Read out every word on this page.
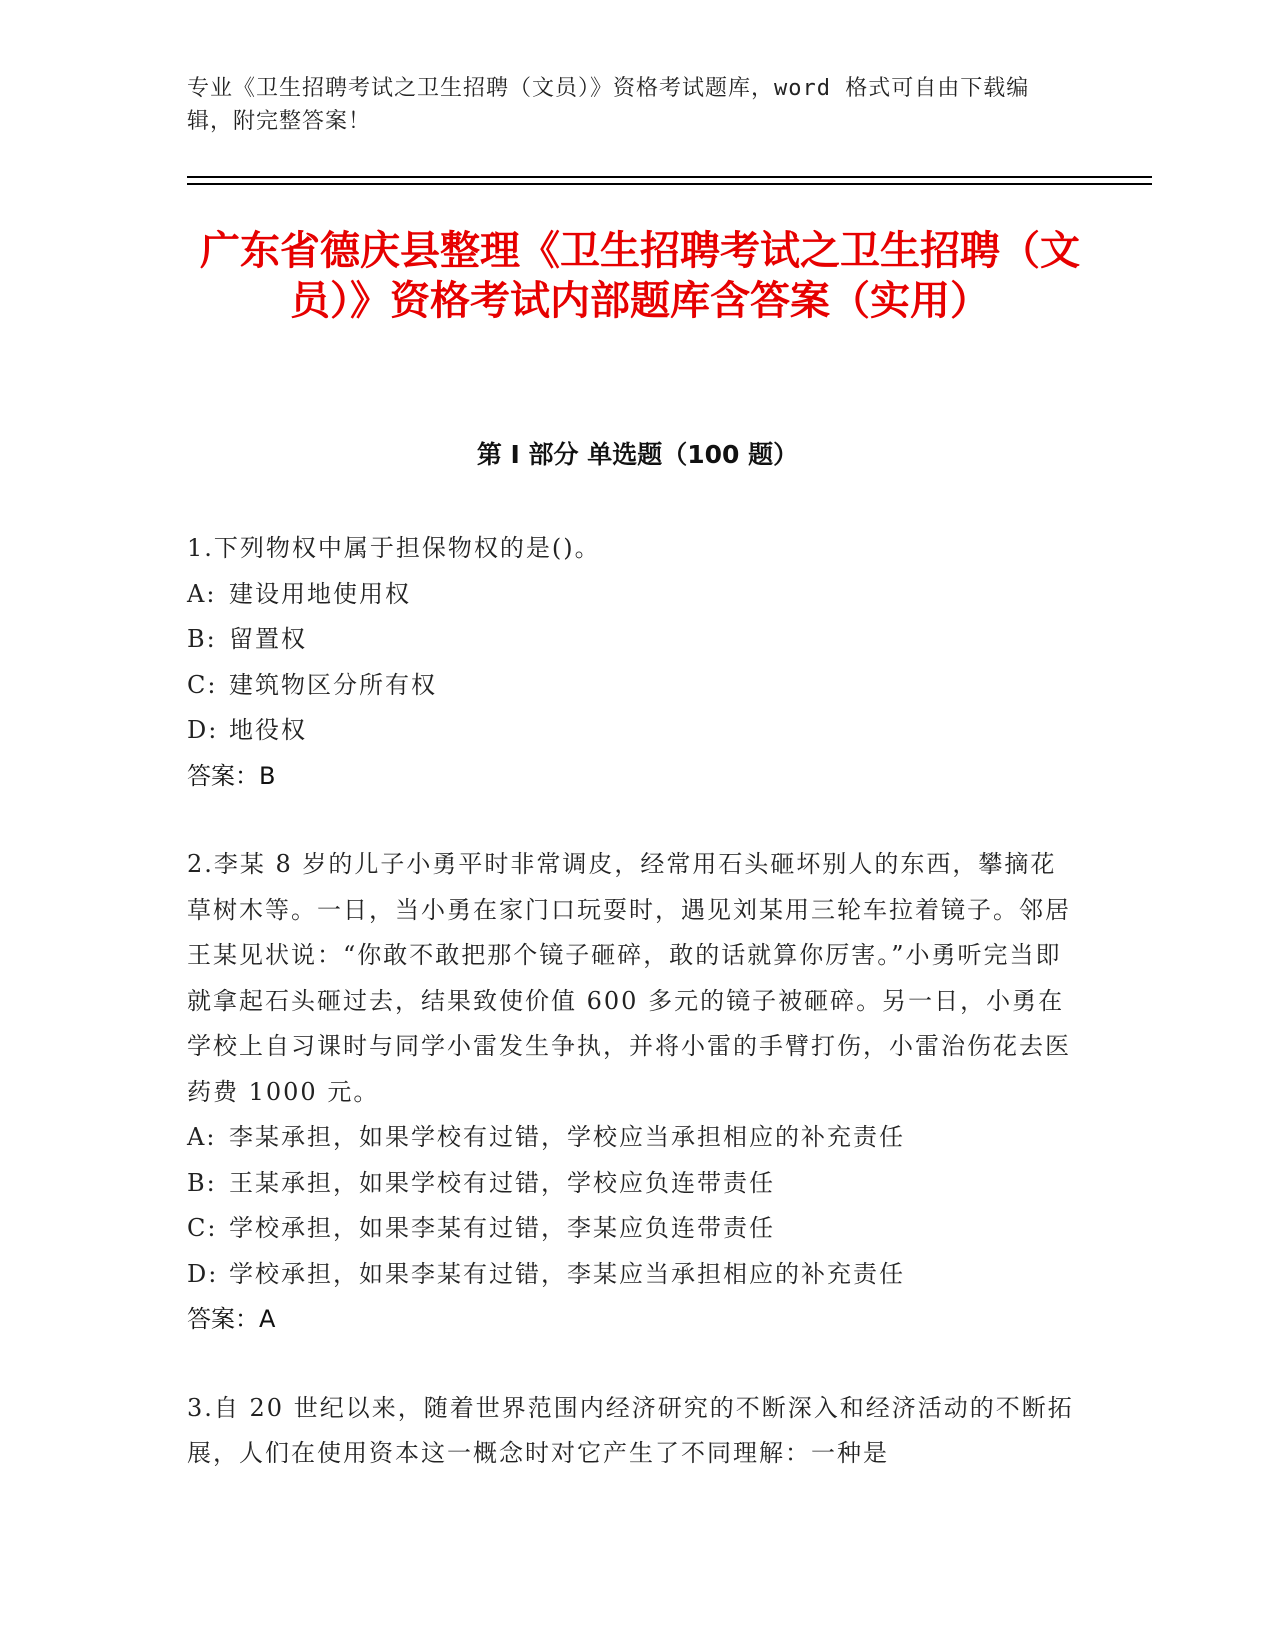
专业《卫生招聘考试之卫生招聘（文员）》资格考试题库，word 格式可自由下载编辑，附完整答案！
广东省德庆县整理《卫生招聘考试之卫生招聘（文员）》资格考试内部题库含答案（实用）
第 I 部分 单选题（100 题）

1.下列物权中属于担保物权的是()。

A: 建设用地使用权

B: 留置权

C: 建筑物区分所有权

D: 地役权

答案：B

2.李某 8 岁的儿子小勇平时非常调皮，经常用石头砸坏别人的东西，攀摘花草树木等。一日，当小勇在家门口玩耍时，遇见刘某用三轮车拉着镜子。邻居王某见状说：“你敢不敢把那个镜子砸碎，敢的话就算你厉害。”小勇听完当即就拿起石头砸过去，结果致使价值 600 多元的镜子被砸碎。另一日，小勇在学校上自习课时与同学小雷发生争执，并将小雷的手臂打伤，小雷治伤花去医药费 1000 元。

A: 李某承担，如果学校有过错，学校应当承担相应的补充责任

B: 王某承担，如果学校有过错，学校应负连带责任

C: 学校承担，如果李某有过错，李某应负连带责任

D: 学校承担，如果李某有过错，李某应当承担相应的补充责任

答案：A

3.自 20 世纪以来，随着世界范围内经济研究的不断深入和经济活动的不断拓展，人们在使用资本这一概念时对它产生了不同理解：一种是
